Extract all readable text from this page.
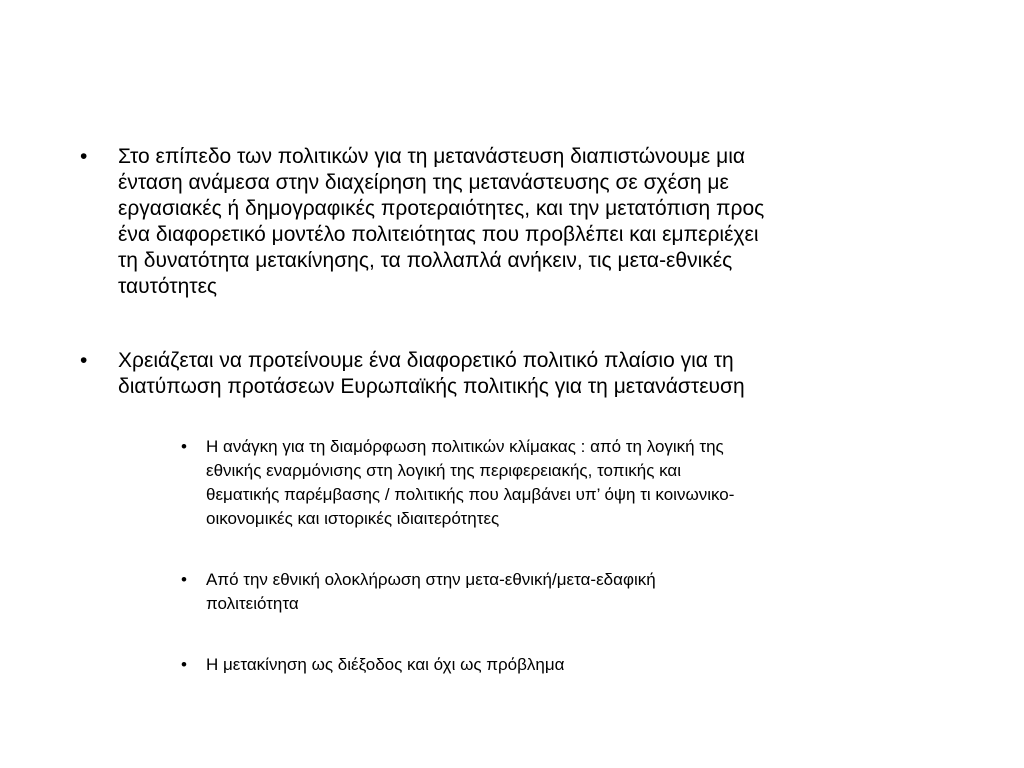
• Στο επίπεδο των πολιτικών για τη μετανάστευση διαπιστώνουμε μια
ένταση ανάμεσα στην διαχείρηση της μετανάστευσης σε σχέση με
εργασιακές ή δημογραφικές προτεραιότητες, και την μετατόπιση προς
ένα διαφορετικό μοντέλο πολιτειότητας που προβλέπει και εμπεριέχει
τη δυνατότητα μετακίνησης, τα πολλαπλά ανήκειν, τις μετα-εθνικές
ταυτότητες
• Χρειάζεται να προτείνουμε ένα διαφορετικό πολιτικό πλαίσιο για τη
διατύπωση προτάσεων Ευρωπαϊκής πολιτικής για τη μετανάστευση
• Η ανάγκη για τη διαμόρφωση πολιτικών κλίμακας : από τη λογική της
εθνικής εναρμόνισης στη λογική της περιφερειακής, τοπικής και
θεματικής παρέμβασης / πολιτικής που λαμβάνει υπ’ όψη τι κοινωνικο-
οικονομικές και ιστορικές ιδιαιτερότητες
• Από την εθνική ολοκλήρωση στην μετα-εθνική/μετα-εδαφική
πολιτειότητα
• Η μετακίνηση ως διέξοδος και όχι ως πρόβλημα
